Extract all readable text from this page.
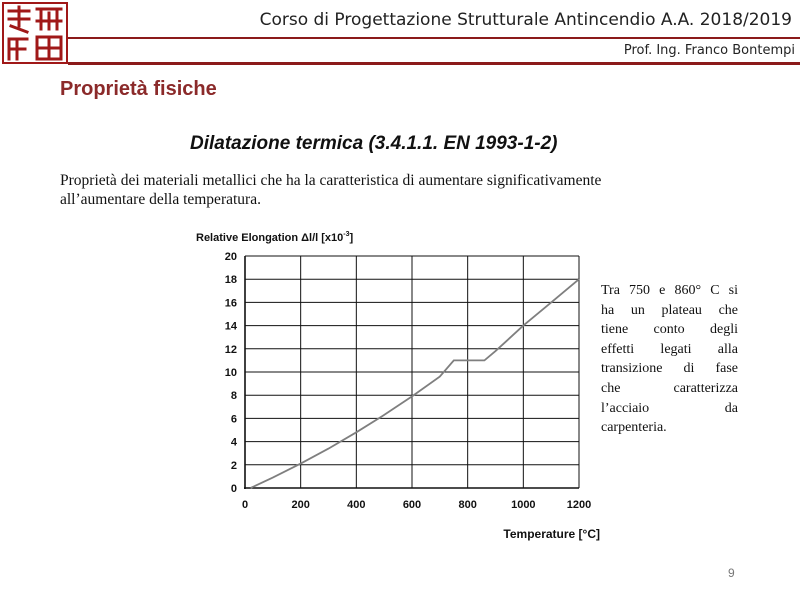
Corso di Progettazione Strutturale Antincendio A.A. 2018/2019
Prof. Ing. Franco Bontempi
Proprietà fisiche
Dilatazione termica (3.4.1.1. EN 1993-1-2)
Proprietà dei materiali metallici che ha la caratteristica di aumentare significativamente
all’aumentare della temperatura.
Relative Elongation Δl/l $[x10^{-3}]$
0
2
4
6
8
10
12
14
16
18
20
0	200	400	600	800	1000	1200
Temperature [°C]
Tra 750 e 860° C si
ha un plateau che
tiene conto degli
effetti legati alla
transizione di fase
che caratterizza
l’acciaio da
carpenteria.
9
